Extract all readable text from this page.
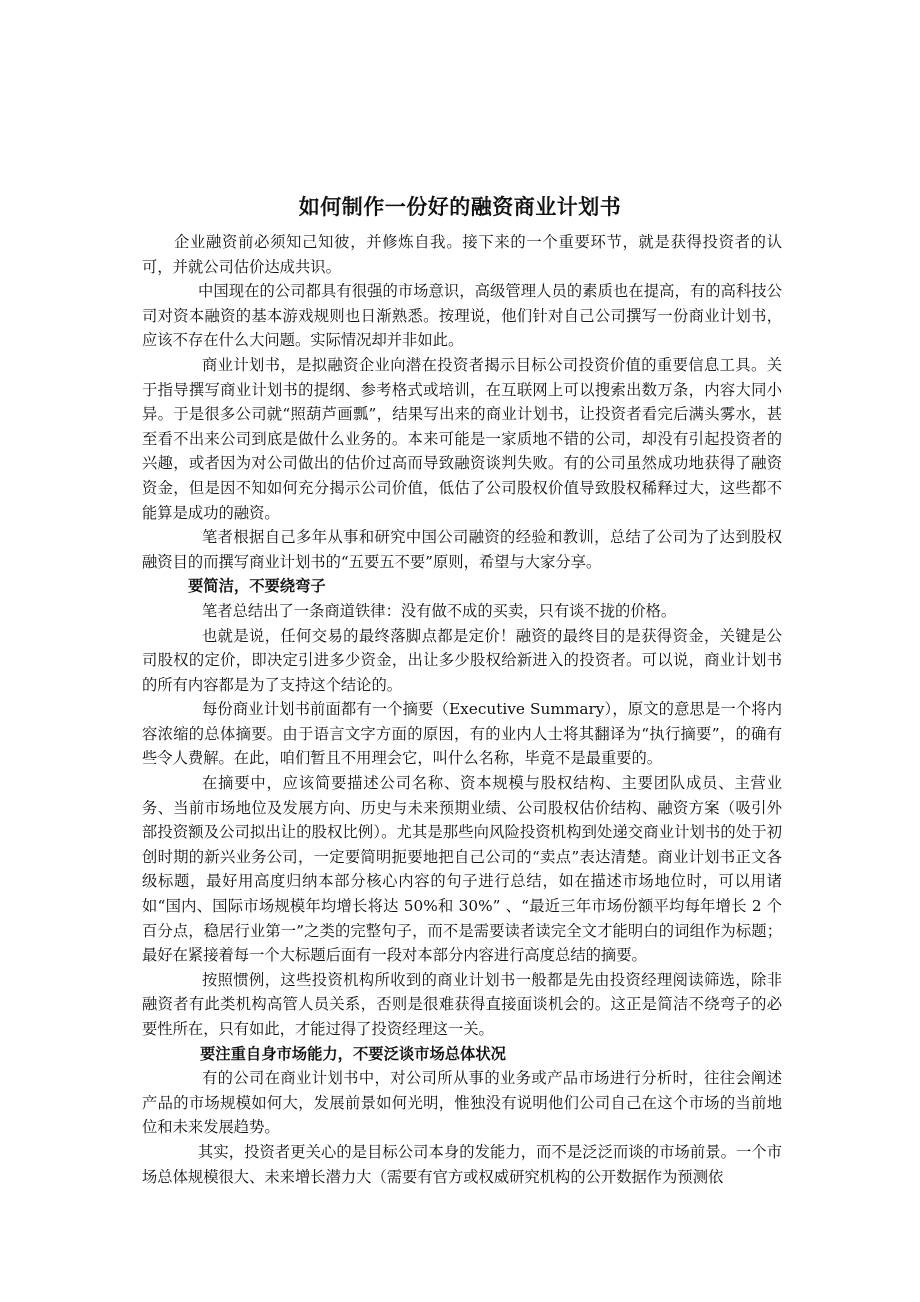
如何制作一份好的融资商业计划书

企业融资前必须知己知彼，并修炼自我。接下来的一个重要环节，就是获得投资者的认可，并就公司估价达成共识。

中国现在的公司都具有很强的市场意识，高级管理人员的素质也在提高，有的高科技公司对资本融资的基本游戏规则也日渐熟悉。按理说，他们针对自己公司撰写一份商业计划书，应该不存在什么大问题。实际情况却并非如此。

商业计划书，是拟融资企业向潜在投资者揭示目标公司投资价值的重要信息工具。关于指导撰写商业计划书的提纲、参考格式或培训，在互联网上可以搜索出数万条，内容大同小异。于是很多公司就“照葫芦画瓢”，结果写出来的商业计划书，让投资者看完后满头雾水，甚至看不出来公司到底是做什么业务的。本来可能是一家质地不错的公司，却没有引起投资者的兴趣，或者因为对公司做出的估价过高而导致融资谈判失败。有的公司虽然成功地获得了融资资金，但是因不知如何充分揭示公司价值，低估了公司股权价值导致股权稀释过大，这些都不能算是成功的融资。

笔者根据自己多年从事和研究中国公司融资的经验和教训，总结了公司为了达到股权融资目的而撰写商业计划书的“五要五不要”原则，希望与大家分享。

要简洁，不要绕弯子

笔者总结出了一条商道铁律：没有做不成的买卖，只有谈不拢的价格。

也就是说，任何交易的最终落脚点都是定价！融资的最终目的是获得资金，关键是公司股权的定价，即决定引进多少资金，出让多少股权给新进入的投资者。可以说，商业计划书的所有内容都是为了支持这个结论的。

每份商业计划书前面都有一个摘要（Executive Summary），原文的意思是一个将内容浓缩的总体摘要。由于语言文字方面的原因，有的业内人士将其翻译为“执行摘要”，的确有些令人费解。在此，咱们暂且不用理会它，叫什么名称，毕竟不是最重要的。

在摘要中，应该简要描述公司名称、资本规模与股权结构、主要团队成员、主营业务、当前市场地位及发展方向、历史与未来预期业绩、公司股权估价结构、融资方案（吸引外部投资额及公司拟出让的股权比例）。尤其是那些向风险投资机构到处递交商业计划书的处于初创时期的新兴业务公司，一定要简明扼要地把自己公司的“卖点”表达清楚。商业计划书正文各级标题，最好用高度归纳本部分核心内容的句子进行总结，如在描述市场地位时，可以用诸如“国内、国际市场规模年均增长将达 50%和 30%” 、“最近三年市场份额平均每年增长 2 个百分点，稳居行业第一”之类的完整句子，而不是需要读者读完全文才能明白的词组作为标题；最好在紧接着每一个大标题后面有一段对本部分内容进行高度总结的摘要。

按照惯例，这些投资机构所收到的商业计划书一般都是先由投资经理阅读筛选，除非融资者有此类机构高管人员关系，否则是很难获得直接面谈机会的。这正是简洁不绕弯子的必要性所在，只有如此，才能过得了投资经理这一关。

要注重自身市场能力，不要泛谈市场总体状况

有的公司在商业计划书中，对公司所从事的业务或产品市场进行分析时，往往会阐述产品的市场规模如何大，发展前景如何光明，惟独没有说明他们公司自己在这个市场的当前地位和未来发展趋势。

其实，投资者更关心的是目标公司本身的发能力，而不是泛泛而谈的市场前景。一个市场总体规模很大、未来增长潜力大（需要有官方或权威研究机构的公开数据作为预测依
